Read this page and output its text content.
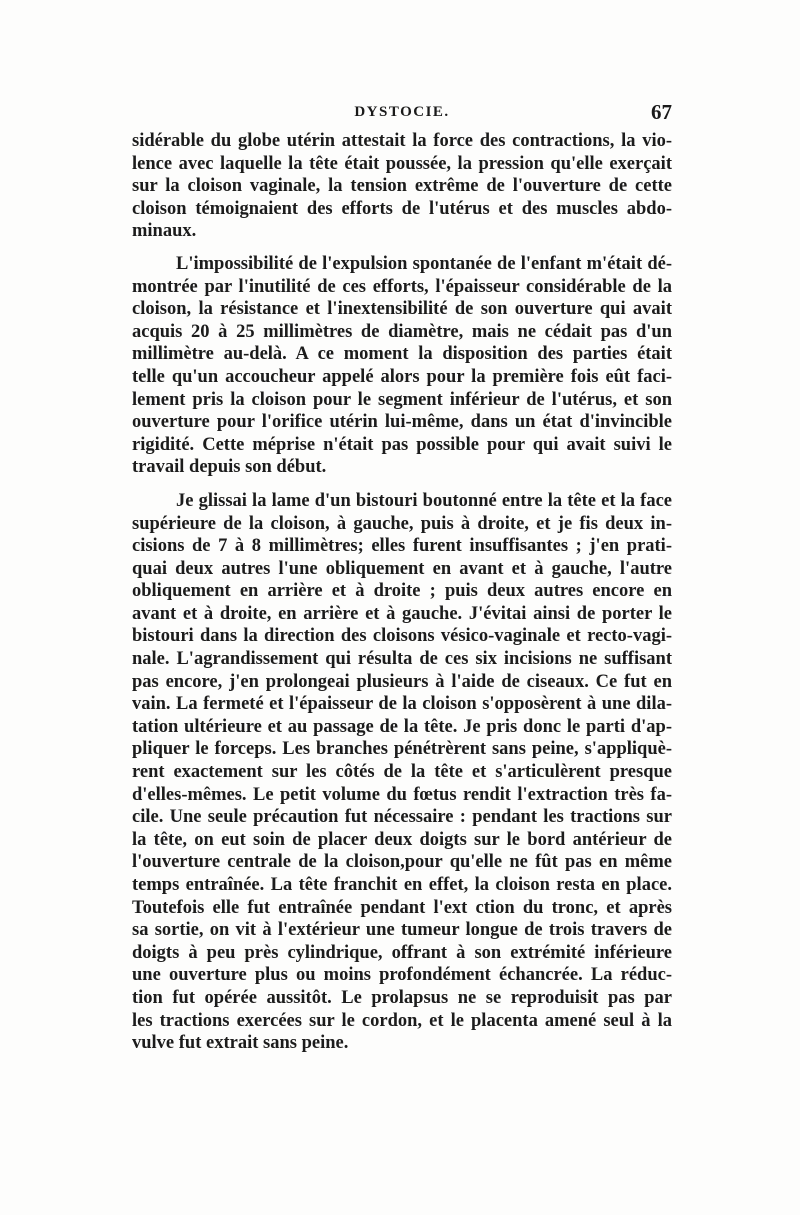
DYSTOCIE.	67

sidérable du globe utérin attestait la force des contractions, la vio-
lence avec laquelle la tête était poussée, la pression qu'elle exerçait
sur la cloison vaginale, la tension extrême de l'ouverture de cette
cloison témoignaient des efforts de l'utérus et des muscles abdo-
minaux.

L'impossibilité de l'expulsion spontanée de l'enfant m'était dé-
montrée par l'inutilité de ces efforts, l'épaisseur considérable de la
cloison, la résistance et l'inextensibilité de son ouverture qui avait
acquis 20 à 25 millimètres de diamètre, mais ne cédait pas d'un
millimètre au-delà. A ce moment la disposition des parties était
telle qu'un accoucheur appelé alors pour la première fois eût faci-
lement pris la cloison pour le segment inférieur de l'utérus, et son
ouverture pour l'orifice utérin lui-même, dans un état d'invincible
rigidité. Cette méprise n'était pas possible pour qui avait suivi le
travail depuis son début.

Je glissai la lame d'un bistouri boutonné entre la tête et la face
supérieure de la cloison, à gauche, puis à droite, et je fis deux in-
cisions de 7 à 8 millimètres; elles furent insuffisantes ; j'en prati-
quai deux autres l'une obliquement en avant et à gauche, l'autre
obliquement en arrière et à droite ; puis deux autres encore en
avant et à droite, en arrière et à gauche. J'évitai ainsi de porter le
bistouri dans la direction des cloisons vésico-vaginale et recto-vagi-
nale. L'agrandissement qui résulta de ces six incisions ne suffisant
pas encore, j'en prolongeai plusieurs à l'aide de ciseaux. Ce fut en
vain. La fermeté et l'épaisseur de la cloison s'opposèrent à une dila-
tation ultérieure et au passage de la tête. Je pris donc le parti d'ap-
pliquer le forceps. Les branches pénétrèrent sans peine, s'appliquè-
rent exactement sur les côtés de la tête et s'articulèrent presque
d'elles-mêmes. Le petit volume du fœtus rendit l'extraction très fa-
cile. Une seule précaution fut nécessaire : pendant les tractions sur
la tête, on eut soin de placer deux doigts sur le bord antérieur de
l'ouverture centrale de la cloison,pour qu'elle ne fût pas en même
temps entraînée. La tête franchit en effet, la cloison resta en place.
Toutefois elle fut entraînée pendant l'ext ction du tronc, et après
sa sortie, on vit à l'extérieur une tumeur longue de trois travers de
doigts à peu près cylindrique, offrant à son extrémité inférieure
une ouverture plus ou moins profondément échancrée. La réduc-
tion fut opérée aussitôt. Le prolapsus ne se reproduisit pas par
les tractions exercées sur le cordon, et le placenta amené seul à la
vulve fut extrait sans peine.
